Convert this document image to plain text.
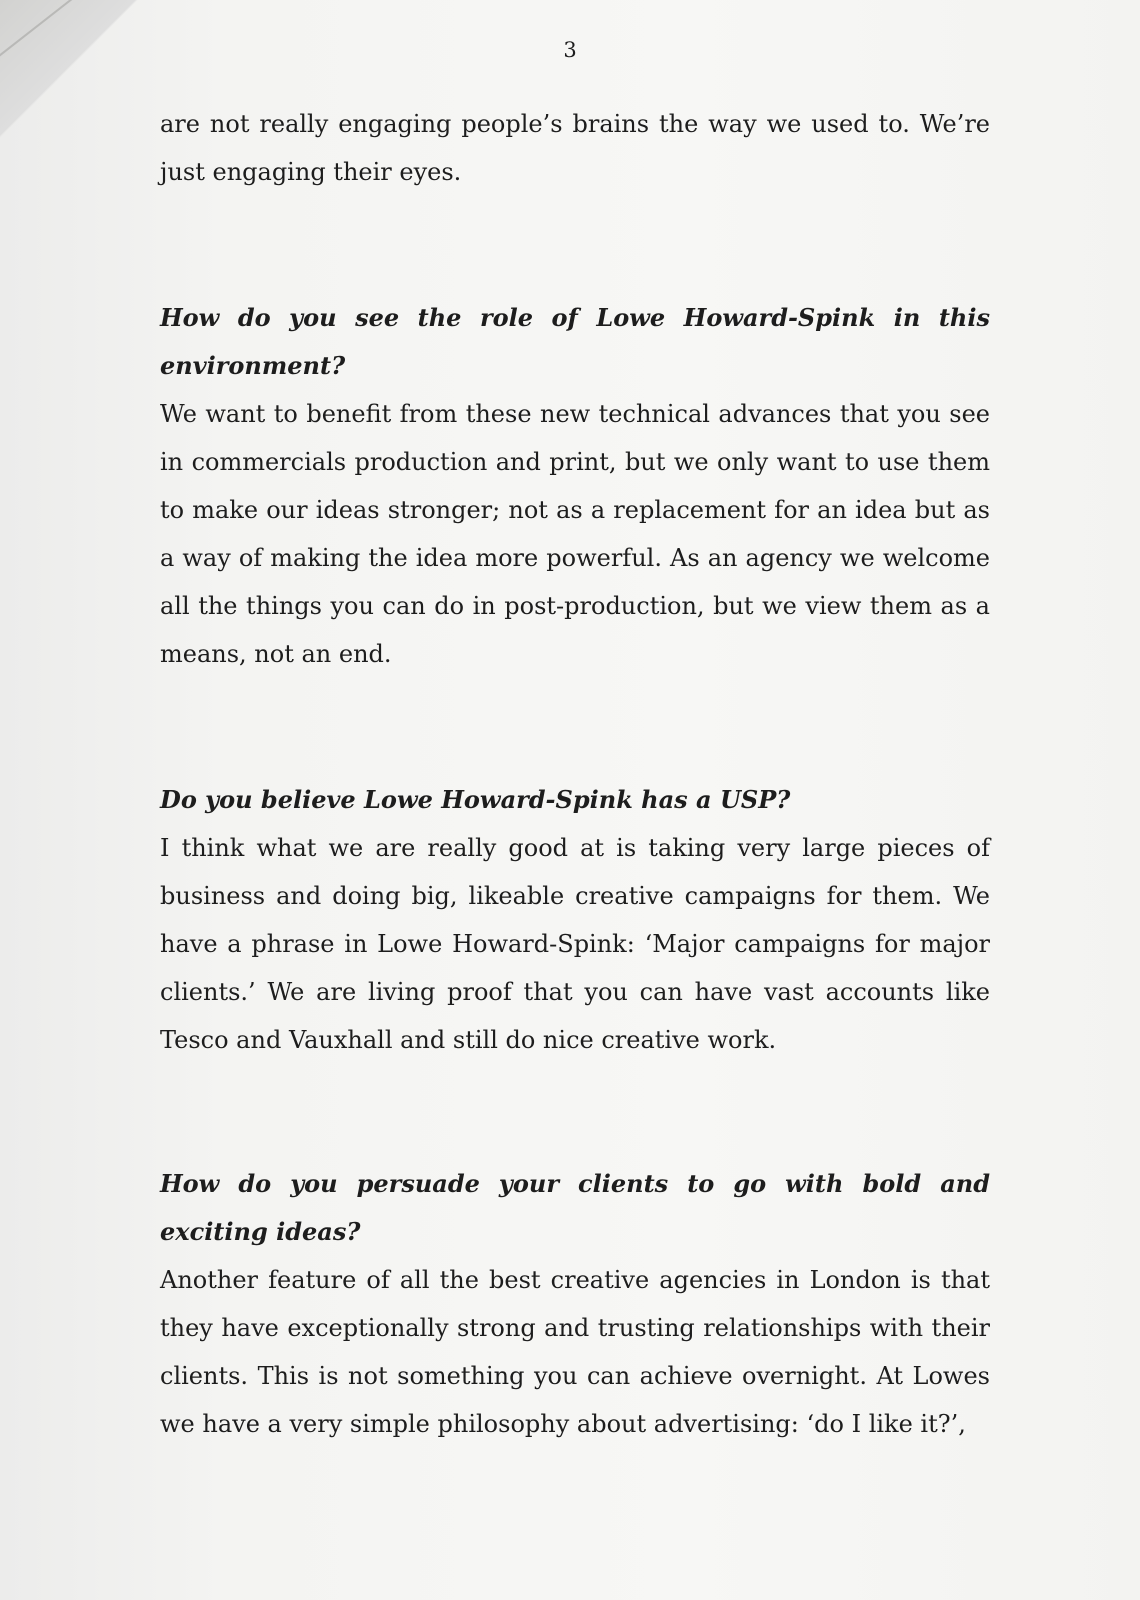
3

are not really engaging people’s brains the way we used to. We’re just engaging their eyes.

How do you see the role of Lowe Howard-Spink in this environment?

We want to benefit from these new technical advances that you see in commercials production and print, but we only want to use them to make our ideas stronger; not as a replacement for an idea but as a way of making the idea more powerful. As an agency we welcome all the things you can do in post-production, but we view them as a means, not an end.

Do you believe Lowe Howard-Spink has a USP?

I think what we are really good at is taking very large pieces of business and doing big, likeable creative campaigns for them. We have a phrase in Lowe Howard-Spink: ‘Major campaigns for major clients.’ We are living proof that you can have vast accounts like Tesco and Vauxhall and still do nice creative work.

How do you persuade your clients to go with bold and exciting ideas?

Another feature of all the best creative agencies in London is that they have exceptionally strong and trusting relationships with their clients. This is not something you can achieve overnight. At Lowes we have a very simple philosophy about advertising: ‘do I like it?’,
